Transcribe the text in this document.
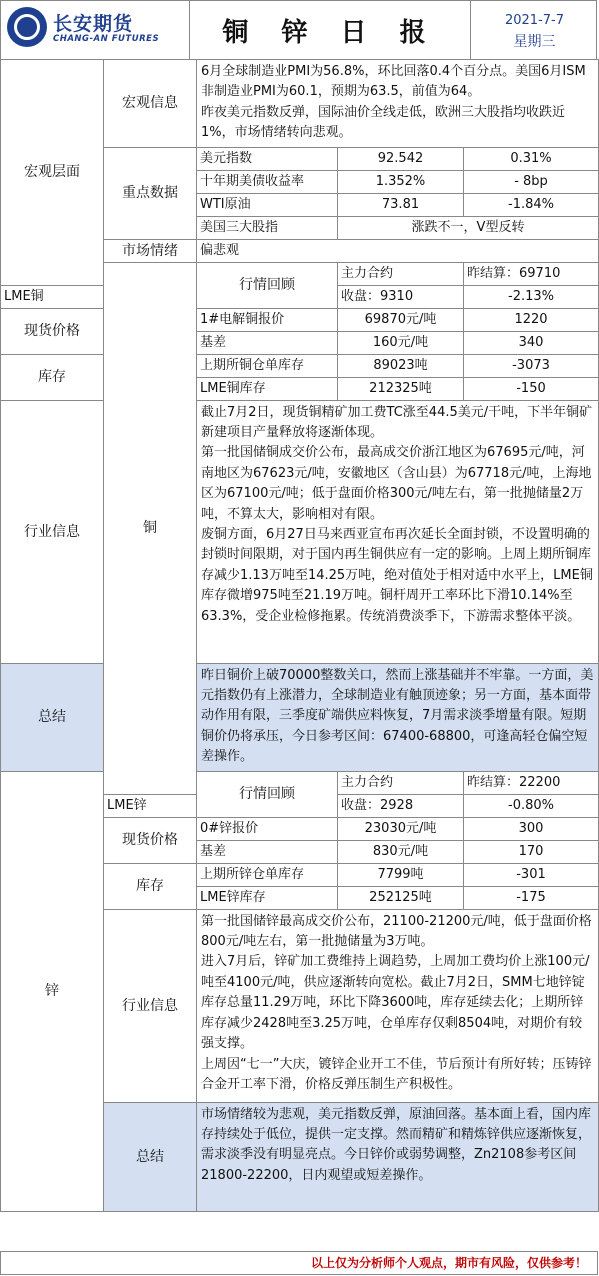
长安期货
CHANG-AN FUTURES	铜 锌 日 报	2021-7-7
星期三
宏观层面	宏观信息	6月全球制造业PMI为56.8%，环比回落0.4个百分点。美国6月ISM非制造业PMI为60.1，预期为63.5，前值为64。
昨夜美元指数反弹，国际油价全线走低，欧洲三大股指均收跌近1%，市场情绪转向悲观。			

	重点数据	美元指数	92.542	0.31%	
		十年期美债收益率	1.352%	- 8bp	
		WTI原油	73.81	-1.84%	
		美国三大股指	涨跌不一，V型反转		
	市场情绪	偏悲观			
	铜	行情回顾	主力合约	昨结算：69710	
LME铜			收盘：9310	-2.13%	
现货价格		1#电解铜报价	69870元/吨	1220	
		基差	160元/吨	340	
库存		上期所铜仓单库存	89023吨	-3073	
		LME铜库存	212325吨	-150	
行业信息		截止7月2日，现货铜精矿加工费TC涨至44.5美元/干吨，下半年铜矿新建项目产量释放将逐渐体现。
第一批国储铜成交价公布，最高成交价浙江地区为67695元/吨，河南地区为67623元/吨，安徽地区（含山县）为67718元/吨，上海地区为67100元/吨；低于盘面价格300元/吨左右，第一批抛储量2万吨，不算太大，影响相对有限。
废铜方面，6月27日马来西亚宣布再次延长全面封锁，不设置明确的封锁时间限期，对于国内再生铜供应有一定的影响。上周上期所铜库存减少1.13万吨至14.25万吨，绝对值处于相对适中水平上，LME铜库存微增975吨至21.19万吨。铜杆周开工率环比下滑10.14%至63.3%，受企业检修拖累。传统消费淡季下，下游需求整体平淡。			

总结		昨日铜价上破70000整数关口，然而上涨基础并不牢靠。一方面，美元指数仍有上涨潜力，全球制造业有触顶迹象；另一方面，基本面带动作用有限，三季度矿端供应料恢复，7月需求淡季增量有限。短期铜价仍将承压，今日参考区间：67400-68800，可逢高轻仓偏空短差操作。			
锌		行情回顾	主力合约	昨结算：22200	
	LME锌		收盘：2928	-0.80%	
	现货价格	0#锌报价	23030元/吨	300	
		基差	830元/吨	170	
	库存	上期所锌仓单库存	7799吨	-301	
		LME锌库存	252125吨	-175	
	行业信息	第一批国储锌最高成交价公布，21100-21200元/吨，低于盘面价格800元/吨左右，第一批抛储量为3万吨。
进入7月后，锌矿加工费维持上调趋势，上周加工费均价上涨100元/吨至4100元/吨，供应逐渐转向宽松。截止7月2日，SMM七地锌锭库存总量11.29万吨，环比下降3600吨，库存延续去化；上期所锌库存减少2428吨至3.25万吨，仓单库存仅剩8504吨，对期价有较强支撑。
上周因“七一”大庆，镀锌企业开工不佳，节后预计有所好转；压铸锌合金开工率下滑，价格反弹压制生产积极性。			

	总结	市场情绪较为悲观，美元指数反弹，原油回落。基本面上看，国内库存持续处于低位，提供一定支撑。然而精矿和精炼锌供应逐渐恢复，需求淡季没有明显亮点。今日锌价或弱势调整，Zn2108参考区间21800-22200，日内观望或短差操作。			
以上仅为分析师个人观点，期市有风险，仅供参考！
